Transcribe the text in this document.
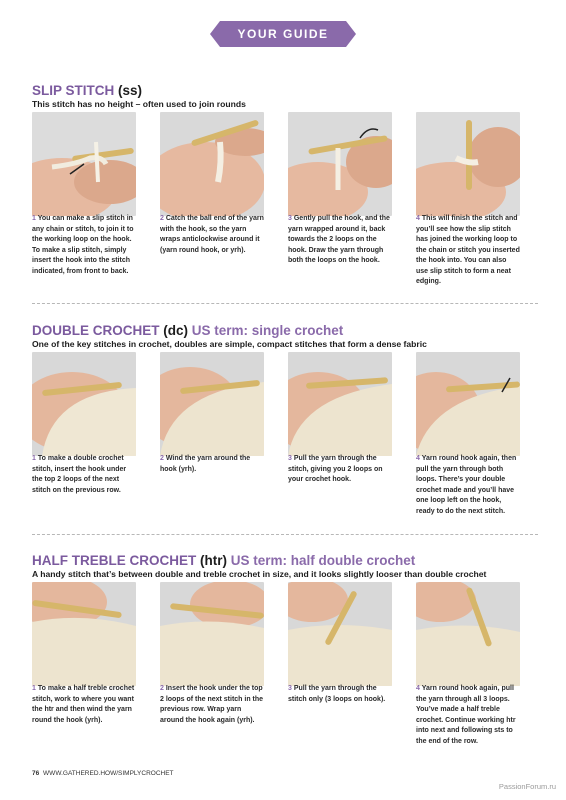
YOUR GUIDE
SLIP STITCH (ss)
This stitch has no height – often used to join rounds
1 You can make a slip stitch in any chain or stitch, to join it to the working loop on the hook. To make a slip stitch, simply insert the hook into the stitch indicated, from front to back.
2 Catch the ball end of the yarn with the hook, so the yarn wraps anticlockwise around it (yarn round hook, or yrh).
3 Gently pull the hook, and the yarn wrapped around it, back towards the 2 loops on the hook. Draw the yarn through both the loops on the hook.
4 This will finish the stitch and you’ll see how the slip stitch has joined the working loop to the chain or stitch you inserted the hook into. You can also use slip stitch to form a neat edging.
DOUBLE CROCHET (dc) US term: single crochet
One of the key stitches in crochet, doubles are simple, compact stitches that form a dense fabric
1 To make a double crochet stitch, insert the hook under the top 2 loops of the next stitch on the previous row.
2 Wind the yarn around the hook (yrh).
3 Pull the yarn through the stitch, giving you 2 loops on your crochet hook.
4 Yarn round hook again, then pull the yarn through both loops. There’s your double crochet made and you’ll have one loop left on the hook, ready to do the next stitch.
HALF TREBLE CROCHET (htr) US term: half double crochet
A handy stitch that’s between double and treble crochet in size, and it looks slightly looser than double crochet
1 To make a half treble crochet stitch, work to where you want the htr and then wind the yarn round the hook (yrh).
2 Insert the hook under the top 2 loops of the next stitch in the previous row. Wrap yarn around the hook again (yrh).
3 Pull the yarn through the stitch only (3 loops on hook).
4 Yarn round hook again, pull the yarn through all 3 loops. You’ve made a half treble crochet. Continue working htr into next and following sts to the end of the row.
76 WWW.GATHERED.HOW/SIMPLYCROCHET
PassionForum.ru
